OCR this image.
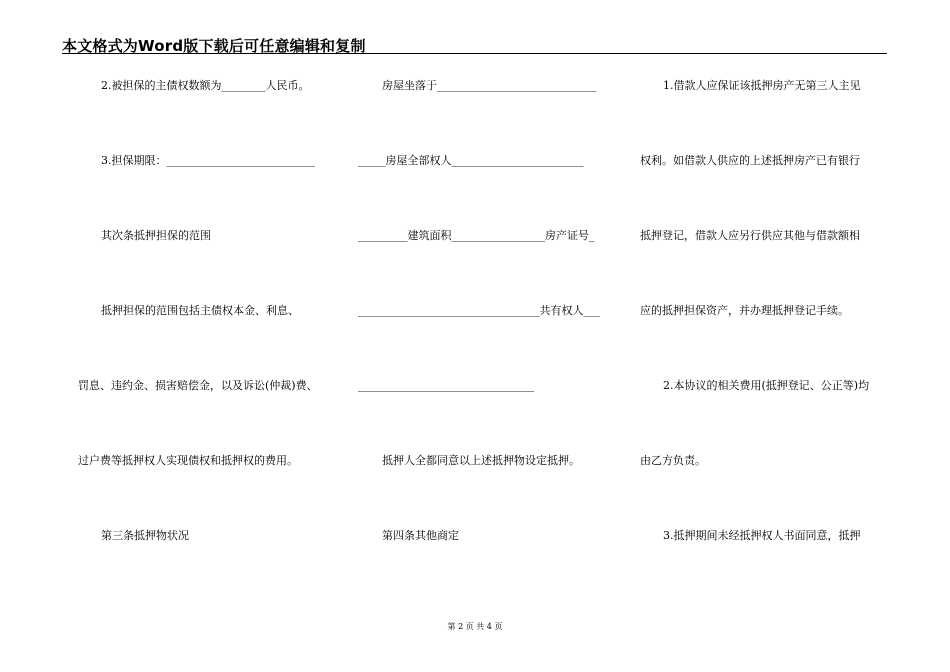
本文格式为Word版下载后可任意编辑和复制
2.被担保的主债权数额为________人民币。
3.担保期限：___________________________
其次条抵押担保的范围
抵押担保的范围包括主债权本金、利息、
罚息、违约金、损害赔偿金，以及诉讼(仲裁)费、
过户费等抵押权人实现债权和抵押权的费用。
第三条抵押物状况
房屋坐落于_____________________________
_____房屋全部权人________________________
_________建筑面积_________________房产证号_
_________________________________共有权人___
________________________________
抵押人全都同意以上述抵押物设定抵押。
第四条其他商定
1.借款人应保证该抵押房产无第三人主见
权利。如借款人供应的上述抵押房产已有银行
抵押登记，借款人应另行供应其他与借款额相
应的抵押担保资产，并办理抵押登记手续。
2.本协议的相关费用(抵押登记、公正等)均
由乙方负责。
3.抵押期间未经抵押权人书面同意，抵押
第 2 页 共 4 页
